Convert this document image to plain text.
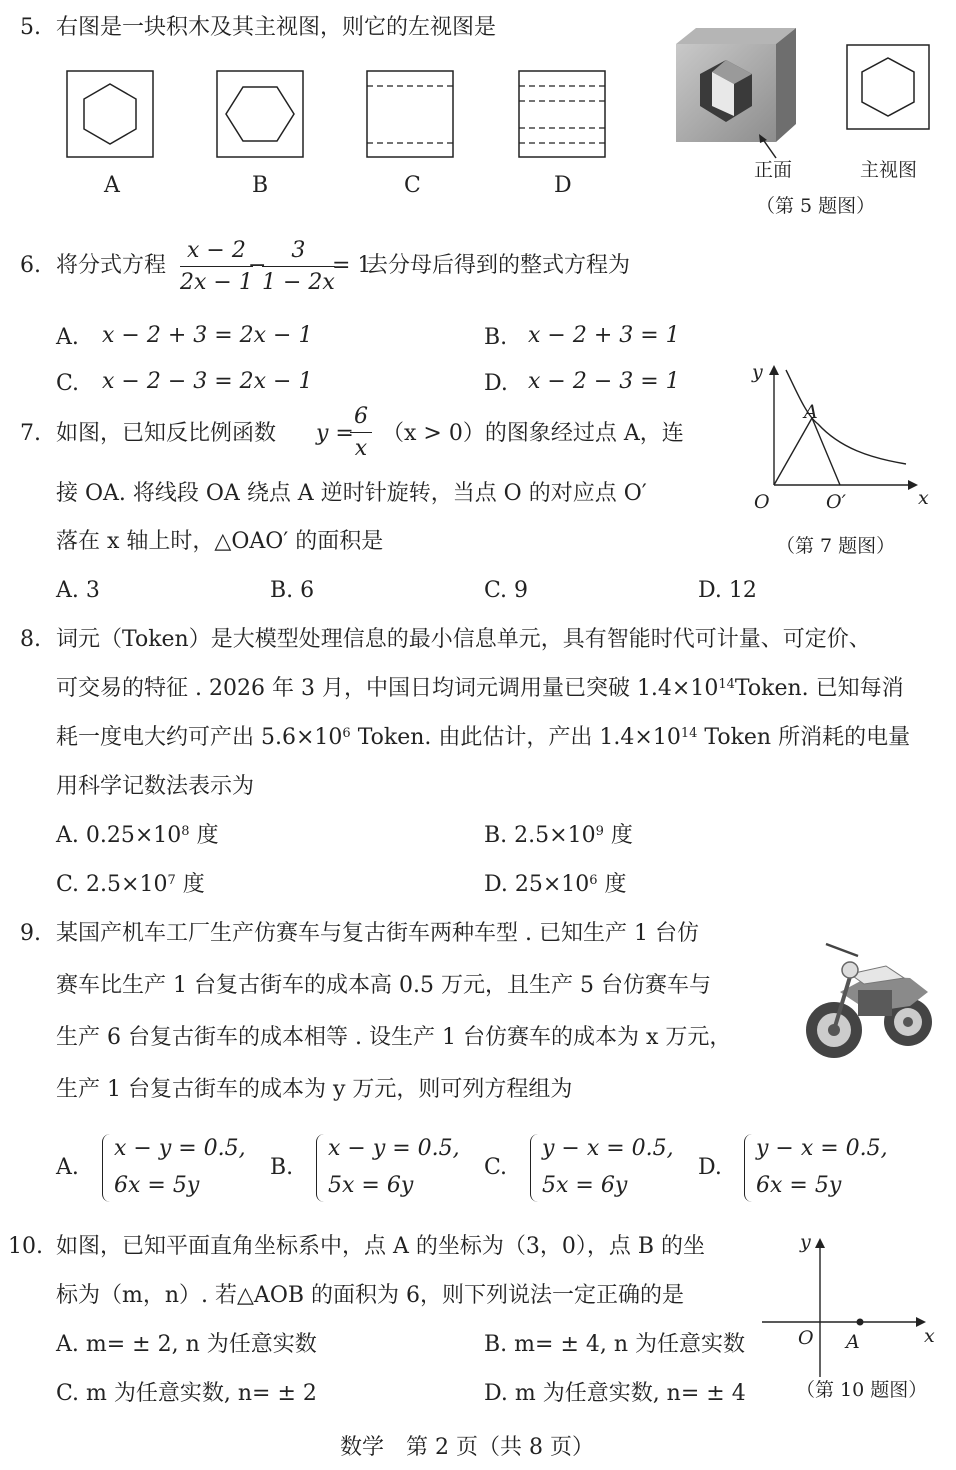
5. 右图是一块积木及其主视图，则它的左视图是
A	B	C	D
正面	主视图
（第 5 题图）
6. 将分式方程 $\frac{x - 2}{2x - 1}$
−
$\frac{3}{1 - 2x}$
= 1
去分母后得到的整式方程为
A. x − 2 + 3 = 2x − 1	B. x − 2 + 3 = 1
C. x − 2 − 3 = 2x − 1	D. x − 2 − 3 = 1
7. 如图，已知反比例函数 y =
$\frac{6}{x} (x > 0)$的图象经过点 A，连
接 OA. 将线段 OA 绕点 A 逆时针旋转，当点 O 的对应点 O′
落在 x 轴上时，△OAO′ 的面积是
A. 3	B. 6	C. 9	D. 12
y
x
A
O	O′
（第 7 题图）
8. 词元（Token）是大模型处理信息的最小信息单元，具有智能时代可计量、可定价、
可交易的特征 . 2026 年 3 月，中国日均词元调用量已突破 $1.4\times 10^{14}Token$. 已知每消
耗一度电大约可产出 $5.6\times 10^6$ Token. 由此估计，产出 $1.4\times 10^{14}$ Token 所消耗的电量
用科学记数法表示为
A. $0.25\times 10^8$ 度	B. $2.5\times 10^9$ 度
C. $2.5\times 10^7$ 度	D. $25\times 10^6$ 度
9. 某国产机车工厂生产仿赛车与复古街车两种车型 . 已知生产 1 台仿
赛车比生产 1 台复古街车的成本高 0.5 万元，且生产 5 台仿赛车与
生产 6 台复古街车的成本相等 . 设生产 1 台仿赛车的成本为 x 万元，
生产 1 台复古街车的成本为 y 万元，则可列方程组为
A.
x − y = 0.5,
6x = 5y
B.
x − y = 0.5,
5x = 6y
C.
y − x = 0.5,
5x = 6y
D.
y − x = 0.5,
6x = 5y
10. 如图，已知平面直角坐标系中，点 A 的坐标为（3，0），点 B 的坐
标为（m，n）. 若△AOB 的面积为 6，则下列说法一定正确的是
A. m= ± 2, n 为任意实数	B. m= ± 4, n 为任意实数
C. m 为任意实数, n= ± 2	D. m 为任意实数, n= ± 4
y
x
O A
（第 10 题图）
数学　第 2 页（共 8 页）
